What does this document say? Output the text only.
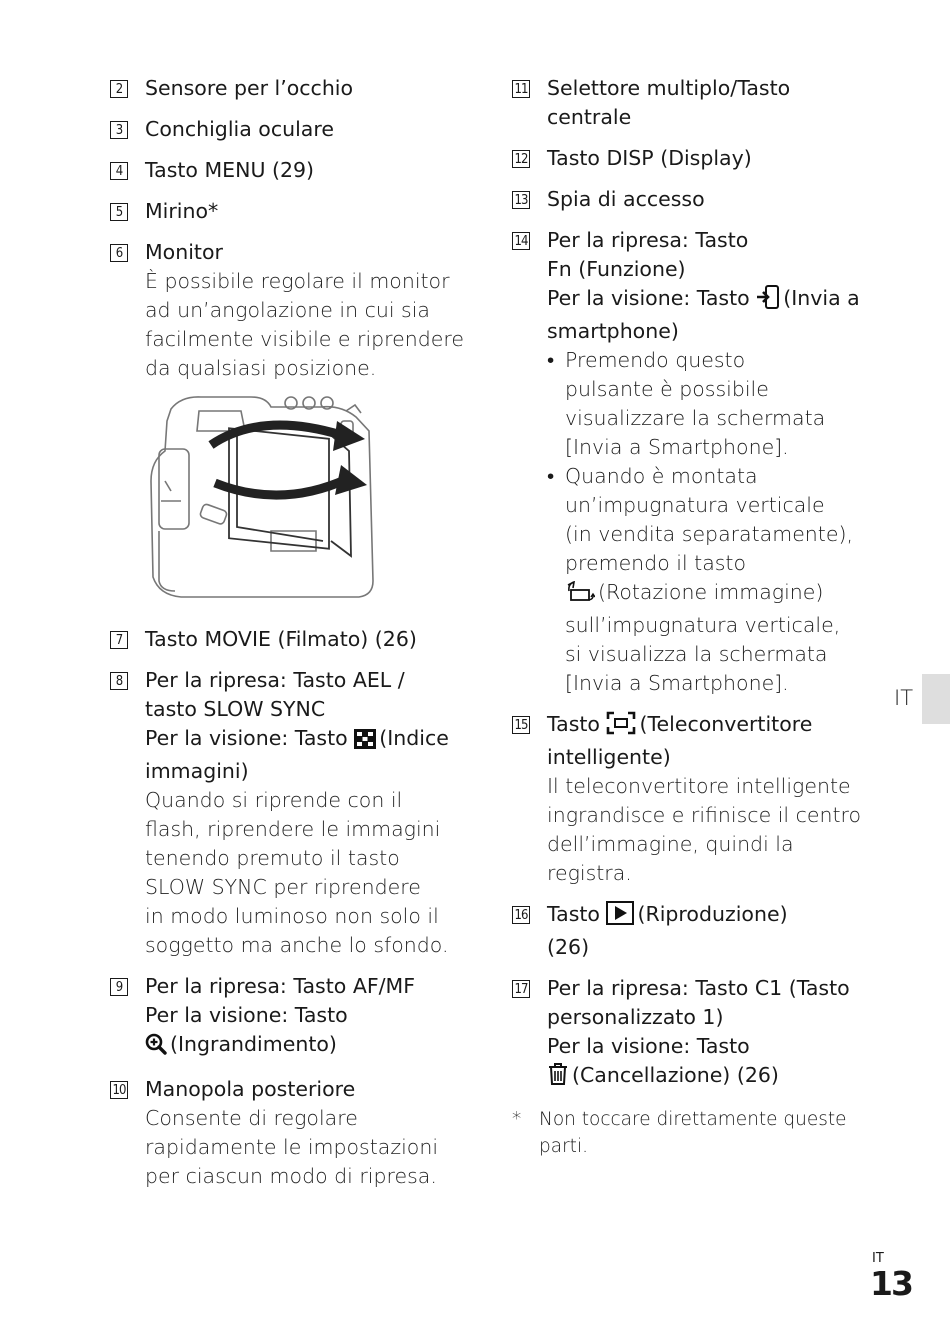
2 Sensore per l’occhio
3 Conchiglia oculare
4 Tasto MENU (29)
5 Mirino*
6 Monitor
È possibile regolare il monitor
ad un’angolazione in cui sia
facilmente visibile e riprendere
da qualsiasi posizione.
7 Tasto MOVIE (Filmato) (26)
8 Per la ripresa: Tasto AEL /
tasto SLOW SYNC
Per la visione: Tasto (Indice
immagini)
Quando si riprende con il
flash, riprendere le immagini
tenendo premuto il tasto
SLOW SYNC per riprendere
in modo luminoso non solo il
soggetto ma anche lo sfondo.
9 Per la ripresa: Tasto AF/MF
Per la visione: Tasto
(Ingrandimento)
10 Manopola posteriore
Consente di regolare
rapidamente le impostazioni
per ciascun modo di ripresa.
11 Selettore multiplo/Tasto
centrale
12 Tasto DISP (Display)
13 Spia di accesso
14 Per la ripresa: Tasto
Fn (Funzione)
Per la visione: Tasto (Invia a
smartphone)
• Premendo questo
pulsante è possibile
visualizzare la schermata
[Invia a Smartphone].
• Quando è montata
un’impugnatura verticale
(in vendita separatamente),
premendo il tasto
(Rotazione immagine)
sull’impugnatura verticale,
si visualizza la schermata
[Invia a Smartphone].
15 Tasto (Teleconvertitore
intelligente)
Il teleconvertitore intelligente
ingrandisce e rifinisce il centro
dell’immagine, quindi la
registra.
16 Tasto (Riproduzione)
(26)
17 Per la ripresa: Tasto C1 (Tasto
personalizzato 1)
Per la visione: Tasto
(Cancellazione) (26)
* Non toccare direttamente queste
parti.
IT
IT
13
